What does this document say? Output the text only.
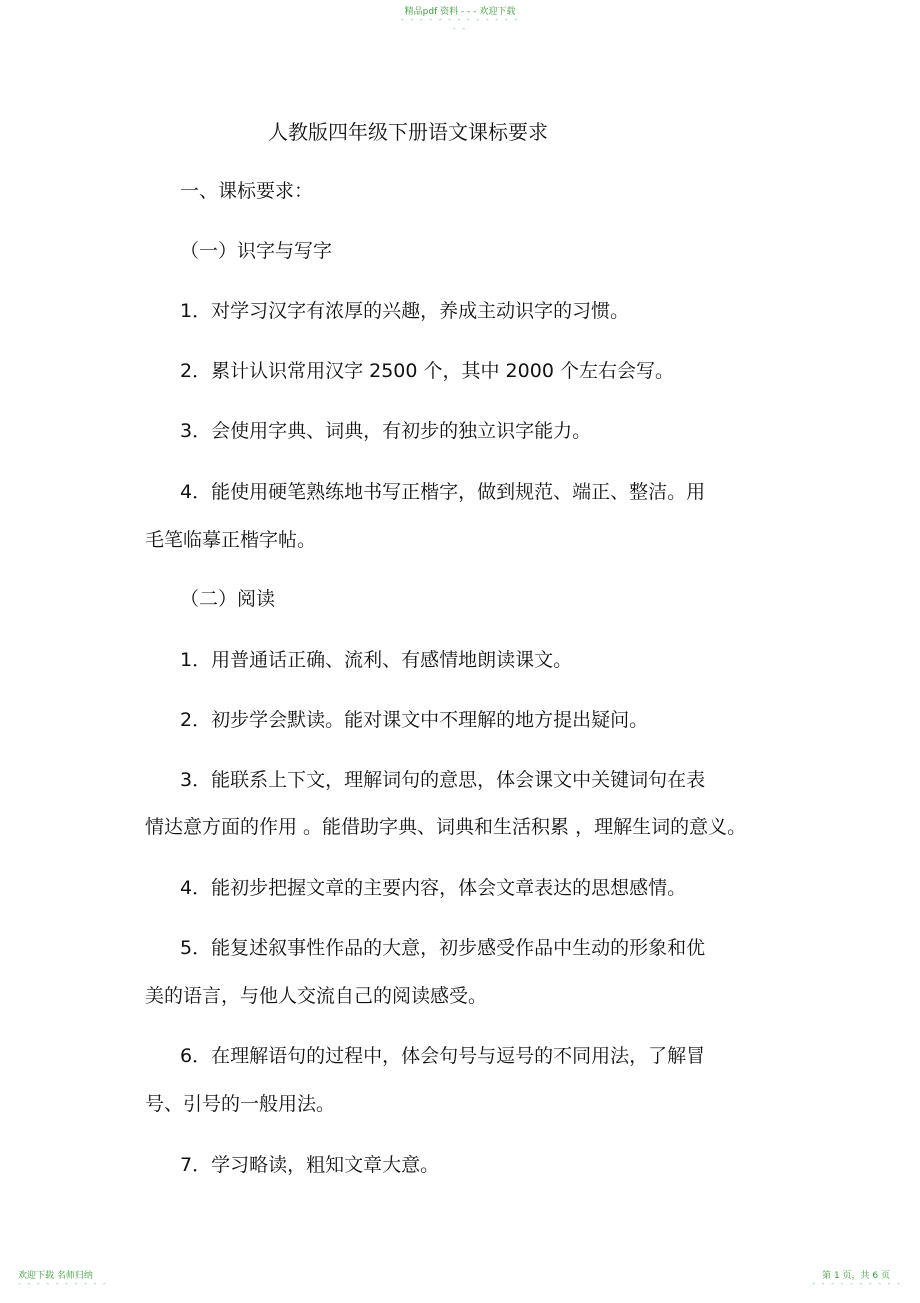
精品pdf 资料 - - - 欢迎下载
- - - - - - - - - - - - - - -
人教版四年级下册语文课标要求
一、课标要求：
（一）识字与写字
1．对学习汉字有浓厚的兴趣，养成主动识字的习惯。
2．累计认识常用汉字 2500 个，其中 2000 个左右会写。
3．会使用字典、词典，有初步的独立识字能力。
4．能使用硬笔熟练地书写正楷字，做到规范、端正、整洁。用
毛笔临摹正楷字帖。
（二）阅读
1．用普通话正确、流利、有感情地朗读课文。
2．初步学会默读。能对课文中不理解的地方提出疑问。
3．能联系上下文，理解词句的意思，体会课文中关键词句在表
情达意方面的作用 。能借助字典、词典和生活积累 ，理解生词的意义。
4．能初步把握文章的主要内容，体会文章表达的思想感情。
5．能复述叙事性作品的大意，初步感受作品中生动的形象和优
美的语言，与他人交流自己的阅读感受。
6．在理解语句的过程中，体会句号与逗号的不同用法，了解冒
号、引号的一般用法。
7．学习略读，粗知文章大意。
欢迎下载 名师归纳
- - - - - - - - - -
第 1 页，共 6 页
- - - - - - - - - -
